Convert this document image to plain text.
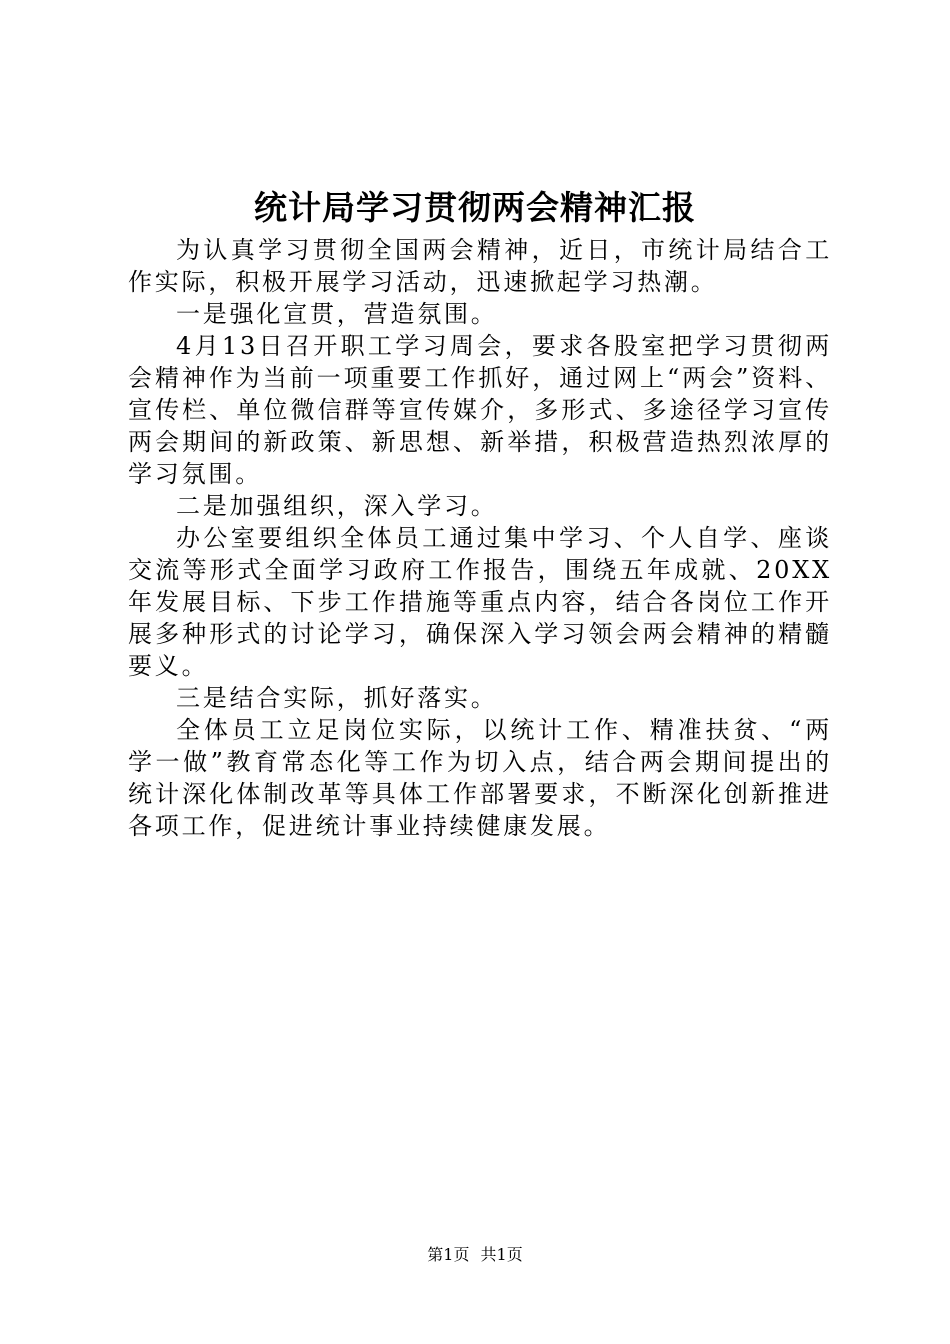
统计局学习贯彻两会精神汇报

为认真学习贯彻全国两会精神，近日，市统计局结合工作实际，积极开展学习活动，迅速掀起学习热潮。

一是强化宣贯，营造氛围。

4月13日召开职工学习周会，要求各股室把学习贯彻两会精神作为当前一项重要工作抓好，通过网上“两会”资料、宣传栏、单位微信群等宣传媒介，多形式、多途径学习宣传两会期间的新政策、新思想、新举措，积极营造热烈浓厚的学习氛围。

二是加强组织，深入学习。

办公室要组织全体员工通过集中学习、个人自学、座谈交流等形式全面学习政府工作报告，围绕五年成就、20XX年发展目标、下步工作措施等重点内容，结合各岗位工作开展多种形式的讨论学习，确保深入学习领会两会精神的精髓要义。

三是结合实际，抓好落实。

全体员工立足岗位实际，以统计工作、精准扶贫、“两学一做”教育常态化等工作为切入点，结合两会期间提出的统计深化体制改革等具体工作部署要求，不断深化创新推进各项工作，促进统计事业持续健康发展。

第1页 共1页
